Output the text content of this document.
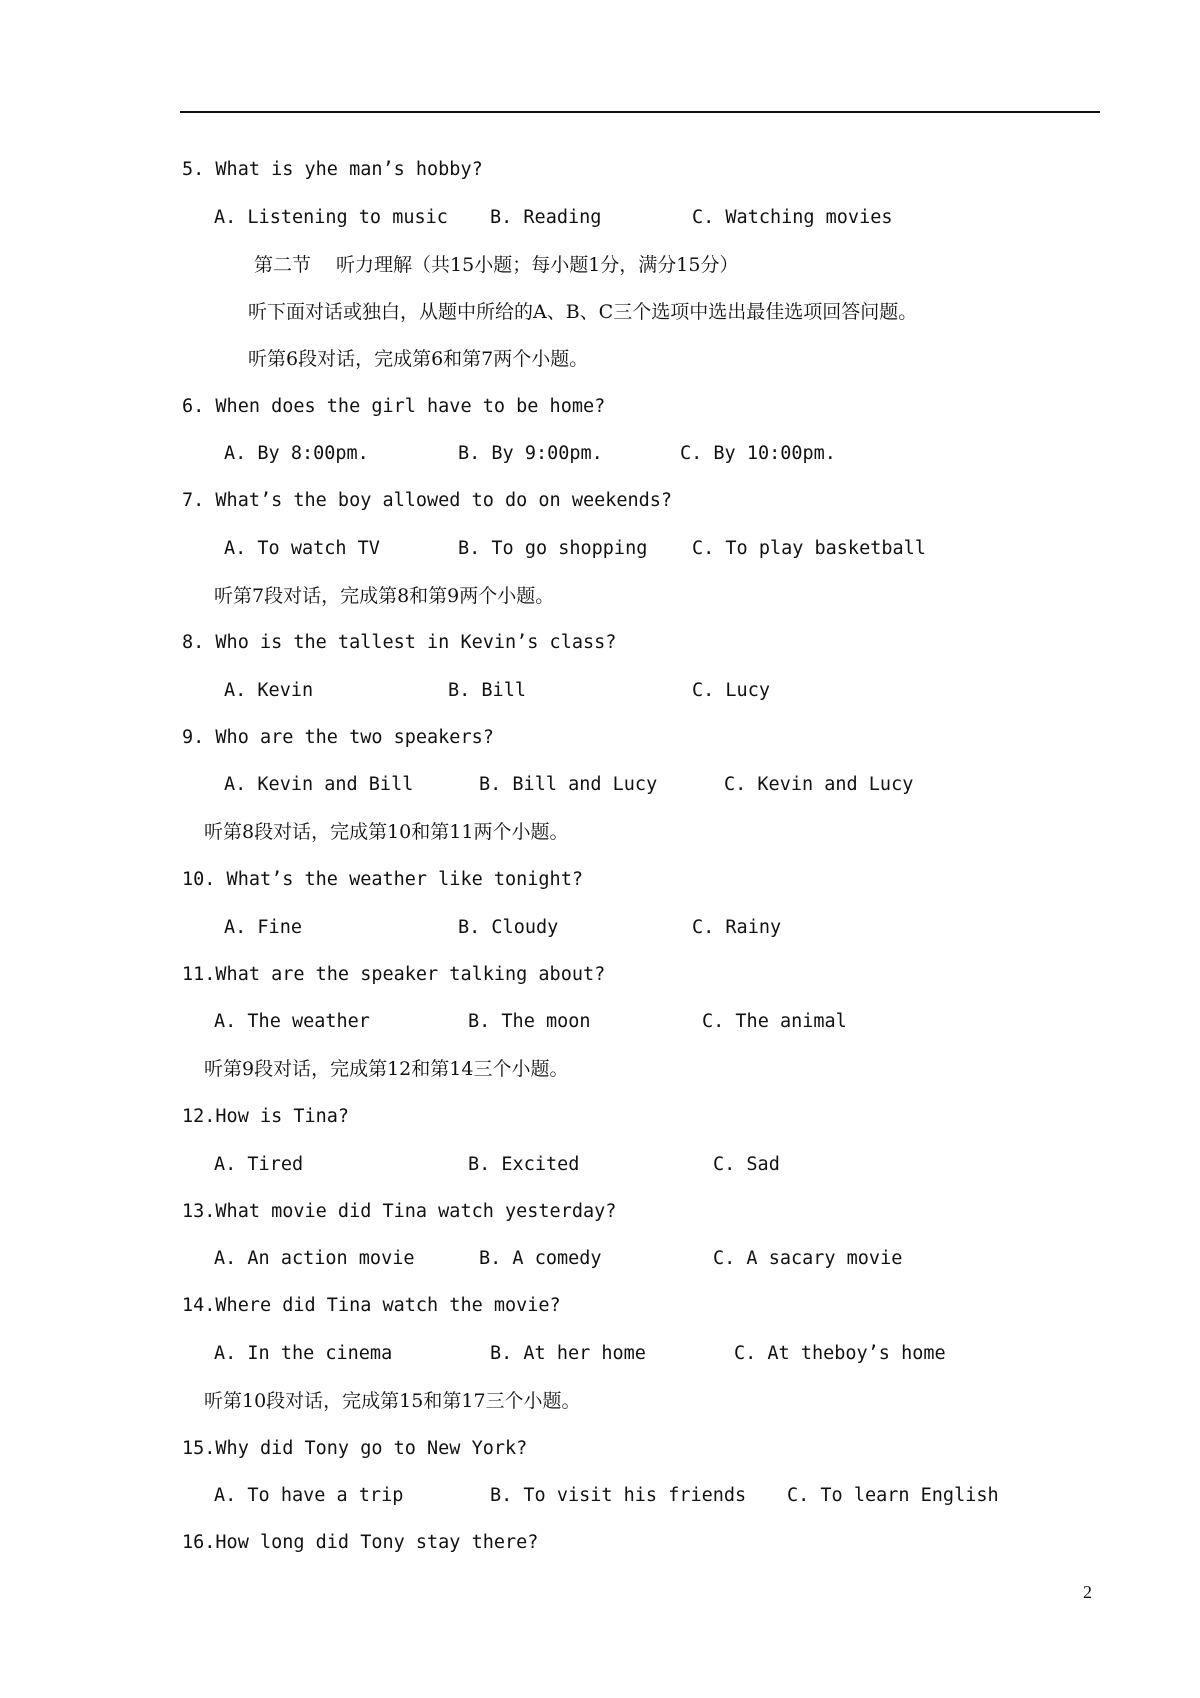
5. What is yhe man’s hobby?
A. Listening to music B. Reading	C. Watching movies
第二节　 听力理解（共15小题；每小题1分，满分15分）
听下面对话或独白，从题中所给的A、B、C三个选项中选出最佳选项回答问题。
听第6段对话，完成第6和第7两个小题。
6. When does the girl have to be home?
A. By 8:00pm.	B. By 9:00pm.	C. By 10:00pm.
7. What’s the boy allowed to do on weekends?
A. To watch TV	B. To go shopping C. To play basketball
听第7段对话，完成第8和第9两个小题。
8. Who is the tallest in Kevin’s class?
A. Kevin	B. Bill	C. Lucy
9. Who are the two speakers?
A. Kevin and Bill	B. Bill and Lucy	C. Kevin and Lucy
听第8段对话，完成第10和第11两个小题。
10. What’s the weather like tonight?
A. Fine	B. Cloudy	C. Rainy
11.What are the speaker talking about?
A. The weather	B. The moon	C. The animal
听第9段对话，完成第12和第14三个小题。
12.How is Tina?
A. Tired	B. Excited	C. Sad
13.What movie did Tina watch yesterday?
A. An action movie	B. A comedy	C. A sacary movie
14.Where did Tina watch the movie?
A. In the cinema	B. At her home	C. At theboy’s home
听第10段对话，完成第15和第17三个小题。
15.Why did Tony go to New York?
A. To have a trip	B. To visit his friends C. To learn English
16.How long did Tony stay there?
2
